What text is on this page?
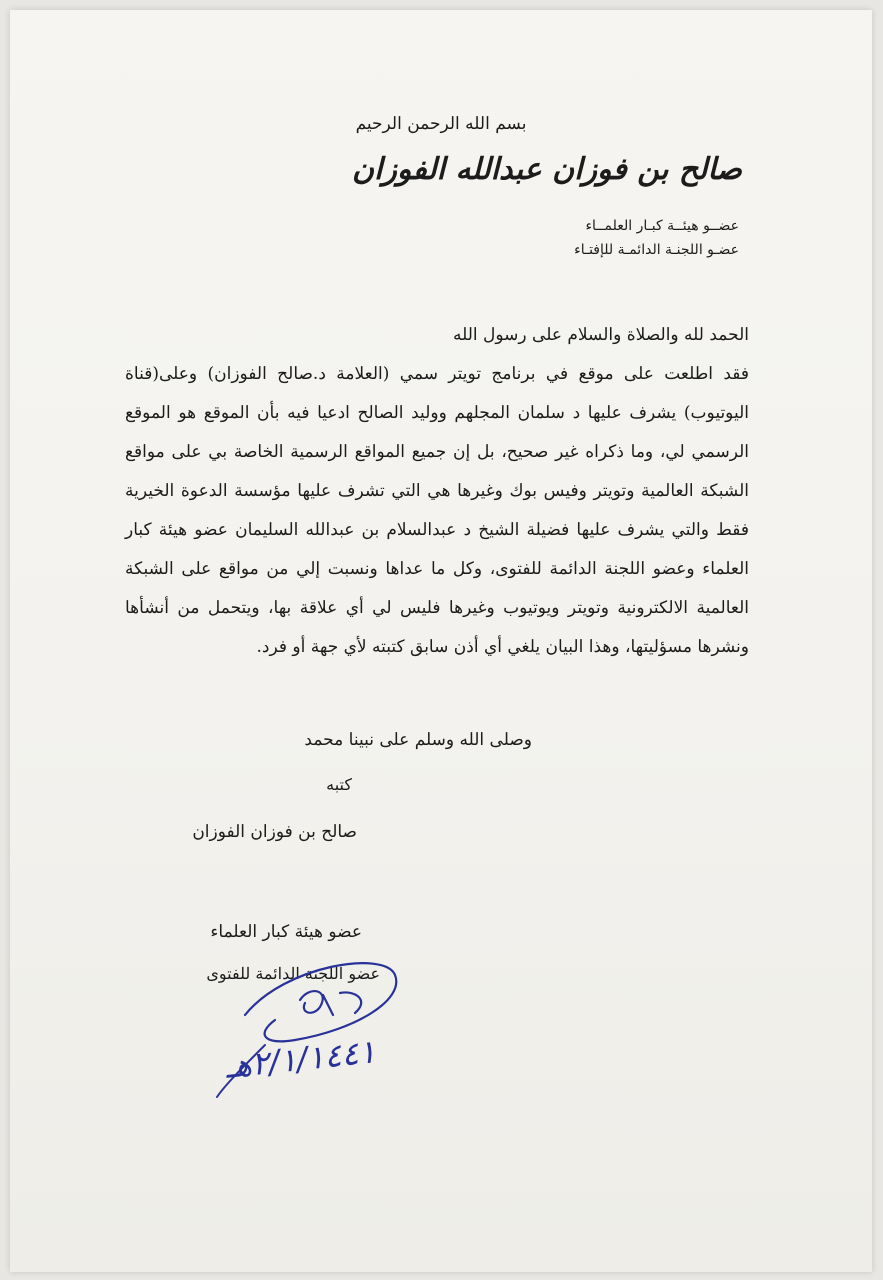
بسم الله الرحمن الرحيم
صالح بن فوزان عبدالله الفوزان
عضــو هيئــة كبـار العلمــاء
عضـو اللجنـة الدائمـة للإفتـاء
الحمد لله والصلاة والسلام على رسول الله
فقد اطلعت على موقع في برنامج تويتر سمي (العلامة د.صالح الفوزان) وعلى(قناة اليوتيوب) يشرف عليها د سلمان المجلهم ووليد الصالح ادعيا فيه بأن الموقع هو الموقع الرسمي لي، وما ذكراه غير صحيح، بل إن جميع المواقع الرسمية الخاصة بي على مواقع الشبكة العالمية وتويتر وفيس بوك وغيرها هي التي تشرف عليها مؤسسة الدعوة الخيرية فقط والتي يشرف عليها فضيلة الشيخ د عبدالسلام بن عبدالله السليمان عضو هيئة كبار العلماء وعضو اللجنة الدائمة للفتوى، وكل ما عداها ونسبت إلي من مواقع على الشبكة العالمية الالكترونية وتويتر ويوتيوب وغيرها فليس لي أي علاقة بها، ويتحمل من أنشأها ونشرها مسؤليتها، وهذا البيان يلغي أي أذن سابق كتبته لأي جهة أو فرد.
وصلى الله وسلم على نبينا محمد
كتبه
صالح بن فوزان الفوزان
عضو هيئة كبار العلماء
عضو اللجنة الدائمة للفتوى
٢/١/١٤٤١هـ
